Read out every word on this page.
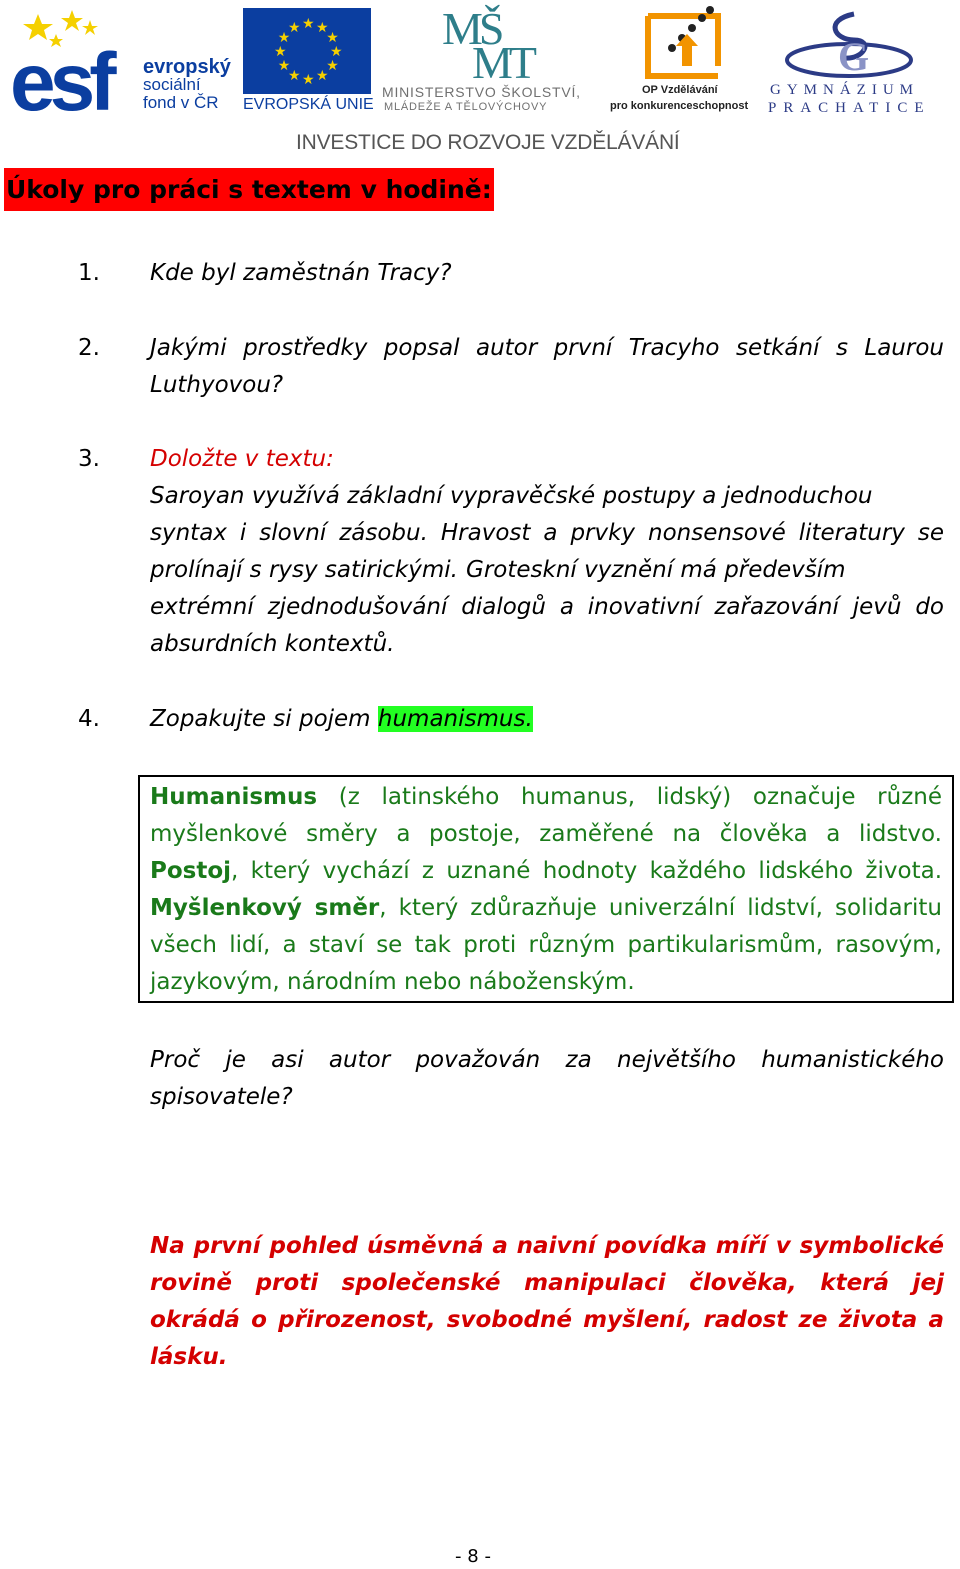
esf	evropský
sociální
fond v ČR
★ ★
★
★
★
★
★
★
★
★
★
★
EVROPSKÁ UNIE
MŠ
MT
MINISTERSTVO ŠKOLSTVÍ,
MLÁDEŽE A TĚLOVÝCHOVY
OP Vzdělávání
pro konkurenceschopnost
G
GYMNÁZIUM
PRACHATICE
INVESTICE DO ROZVOJE VZDĚLÁVÁNÍ
Úkoly pro práci s textem v hodině:
1. Kde byl zaměstnán Tracy?
2. Jakými prostředky popsal autor první Tracyho setkání s Laurou Luthyovou?
3. Doložte v textu:
Saroyan využívá základní vypravěčské postupy a jednoduchou
syntax i slovní zásobu. Hravost a prvky nonsensové literatury se prolínají s rysy satirickými. Groteskní vyznění má především
extrémní zjednodušování dialogů a inovativní zařazování jevů do absurdních kontextů.
4. Zopakujte si pojem humanismus.
Humanismus (z latinského humanus, lidský) označuje různé myšlenkové směry a postoje, zaměřené na člověka a lidstvo. Postoj, který vychází z uznané hodnoty každého lidského života. Myšlenkový směr, který zdůrazňuje univerzální lidství, solidaritu všech lidí, a staví se tak proti různým partikularismům, rasovým, jazykovým, národním nebo náboženským.
Proč je asi autor považován za největšího humanistického
spisovatele?
Na první pohled úsměvná a naivní povídka míří v symbolické rovině proti společenské manipulaci člověka, která jej okrádá o přirozenost, svobodné myšlení, radost ze života a lásku.
- 8 -
